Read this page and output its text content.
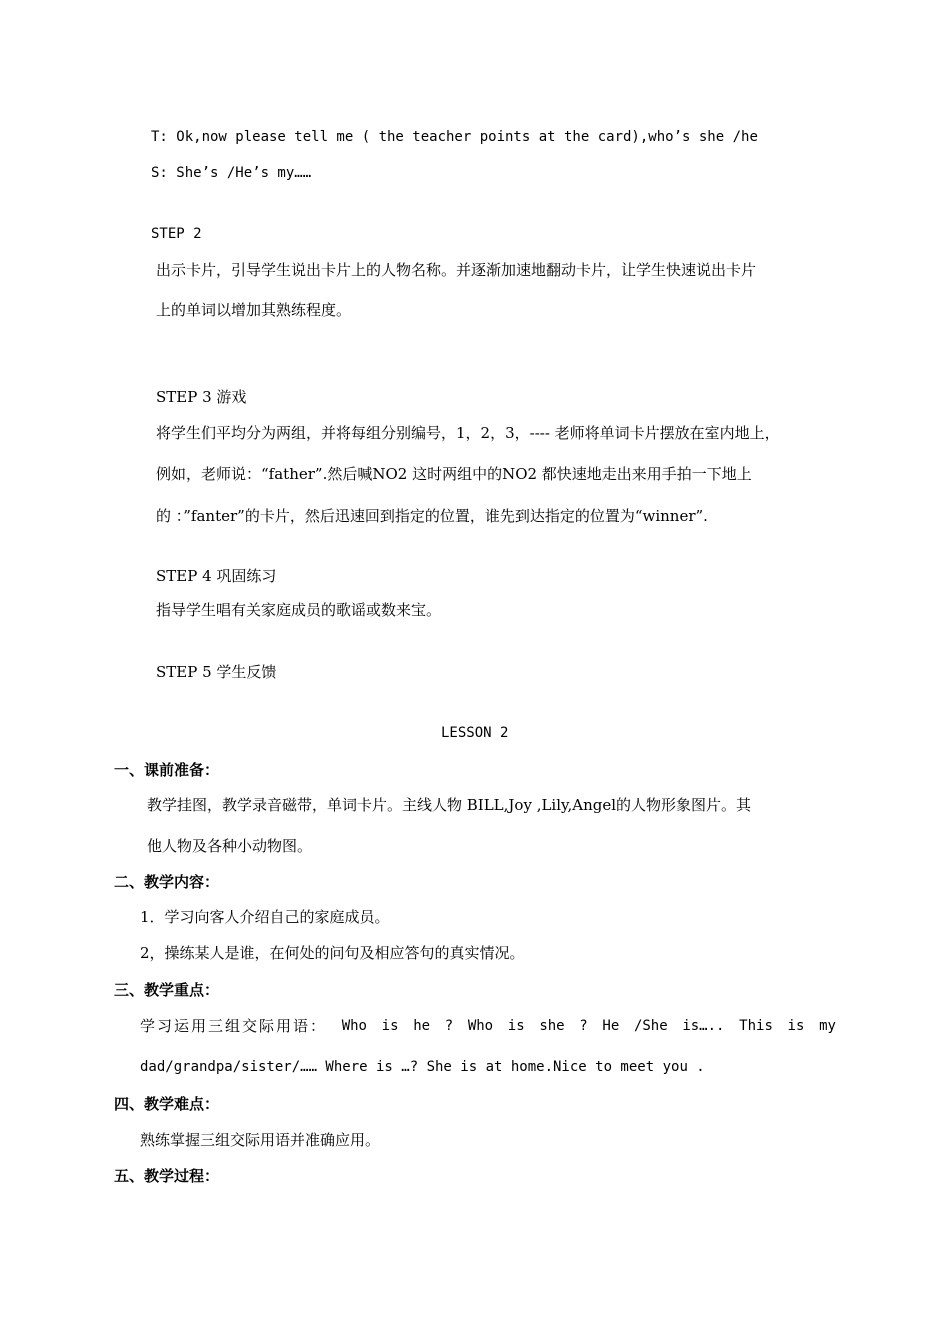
T: Ok,now please tell me ( the teacher points at the card),who’s she /he
S: She’s /He’s my……
STEP 2
出示卡片，引导学生说出卡片上的人物名称。并逐渐加速地翻动卡片，让学生快速说出卡片
上的单词以增加其熟练程度。
STEP 3 游戏
将学生们平均分为两组，并将每组分别编号，1，2，3，---- 老师将单词卡片摆放在室内地上，
例如，老师说：“father”.然后喊NO2 这时两组中的NO2 都快速地走出来用手拍一下地上
的 ：”fanter”的卡片，然后迅速回到指定的位置，谁先到达指定的位置为“winner”.
STEP 4 巩固练习
指导学生唱有关家庭成员的歌谣或数来宝。
STEP 5 学生反馈
LESSON 2
一、课前准备：
教学挂图，教学录音磁带，单词卡片。主线人物 BILL,Joy ,Lily,Angel的人物形象图片。其
他人物及各种小动物图。
二、教学内容：
1．学习向客人介绍自己的家庭成员。
2，操练某人是谁，在何处的问句及相应答句的真实情况。
三、教学重点：
学习运用三组交际用语： Who is he ? Who is she ? He /She is….. This is my
dad/grandpa/sister/…… Where is …? She is at home.Nice to meet you .
四、教学难点：
熟练掌握三组交际用语并准确应用。
五、教学过程：
